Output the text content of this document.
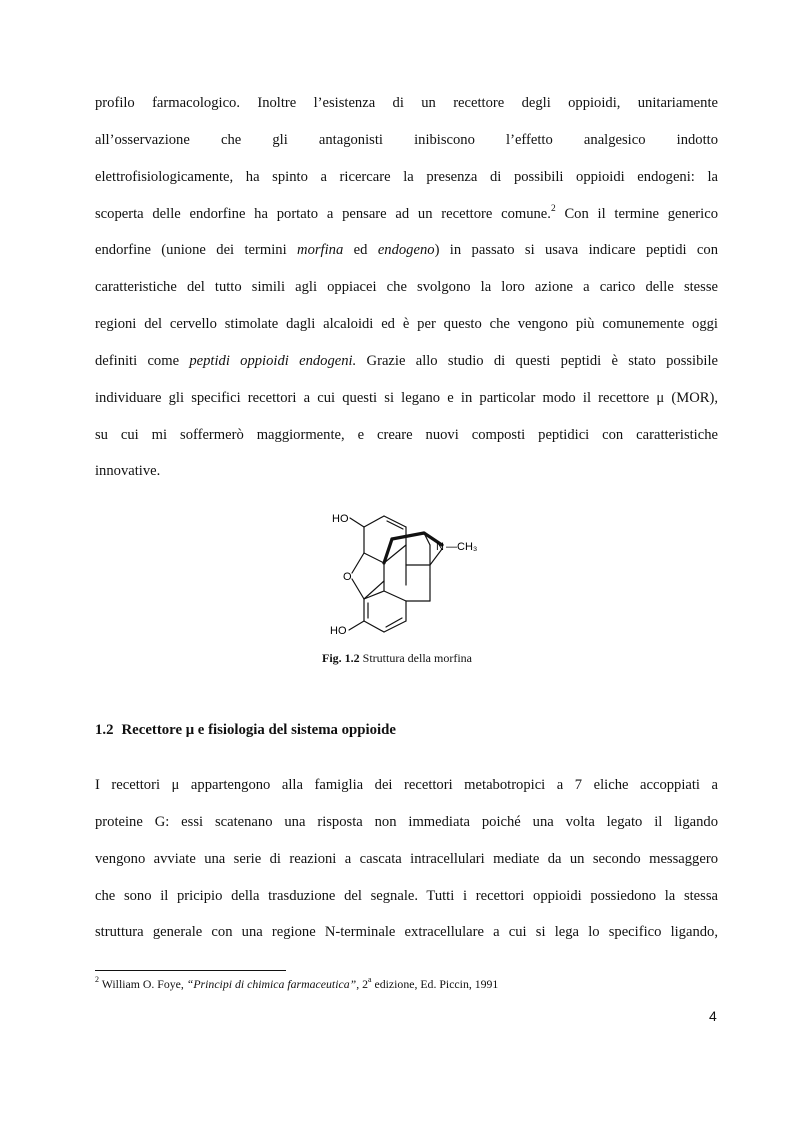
profilo farmacologico. Inoltre l’esistenza di un recettore degli oppioidi, unitariamente
all’osservazione che gli antagonisti inibiscono l’effetto analgesico indotto
elettrofisiologicamente, ha spinto a ricercare la presenza di possibili oppioidi endogeni: la
scoperta delle endorfine ha portato a pensare ad un recettore comune.$^2$ Con il termine generico
endorfine (unione dei termini morfina ed endogeno) in passato si usava indicare peptidi con
caratteristiche del tutto simili agli oppiacei che svolgono la loro azione a carico delle stesse
regioni del cervello stimolate dagli alcaloidi ed è per questo che vengono più comunemente oggi
definiti come peptidi oppioidi endogeni. Grazie allo studio di questi peptidi è stato possibile
individuare gli specifici recettori a cui questi si legano e in particolar modo il recettore μ (MOR),
su cui mi soffermerò maggiormente, e creare nuovi composti peptidici con caratteristiche
innovative.
HO
HO
O
N —CH₃
Fig. 1.2 Struttura della morfina
1.2 Recettore μ e fisiologia del sistema oppioide
I recettori μ appartengono alla famiglia dei recettori metabotropici a 7 eliche accoppiati a
proteine G: essi scatenano una risposta non immediata poiché una volta legato il ligando
vengono avviate una serie di reazioni a cascata intracellulari mediate da un secondo messaggero
che sono il pricipio della trasduzione del segnale. Tutti i recettori oppioidi possiedono la stessa
struttura generale con una regione N-terminale extracellulare a cui si lega lo specifico ligando,
$^2$ William O. Foye, “Principi di chimica farmaceutica”, 2$^a$ edizione, Ed. Piccin, 1991
4
